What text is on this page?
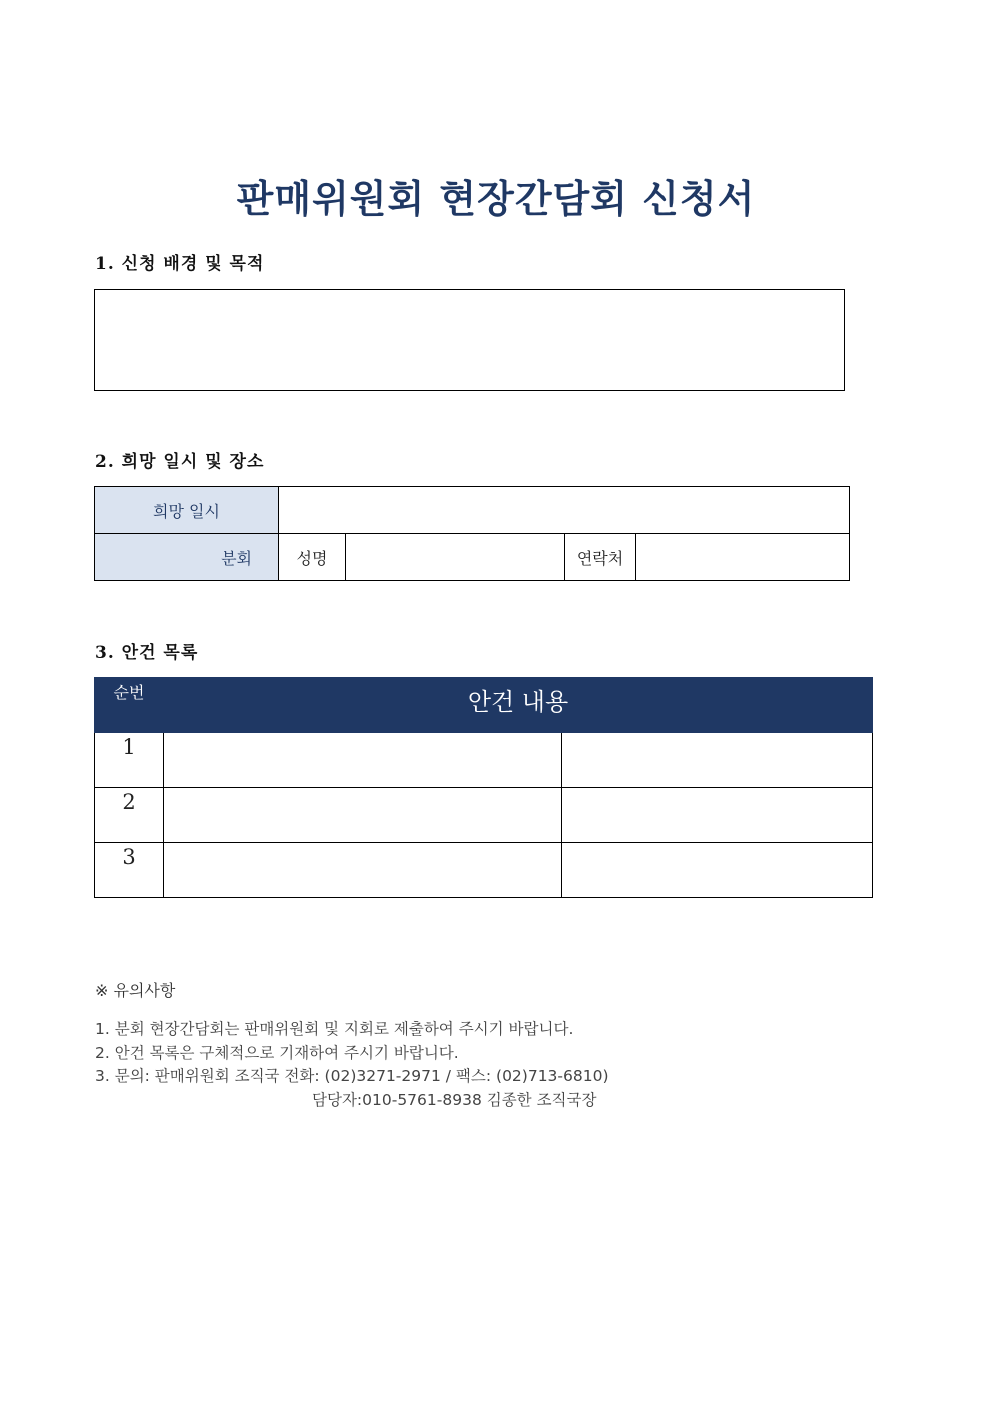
판매위원회 현장간담회 신청서
1. 신청 배경 및 목적
2. 희망 일시 및 장소
희망 일시				
분회	성명		연락처	
3. 안건 목록
순번	안건 내용	
1		
2		
3		
※ 유의사항
1. 분회 현장간담회는 판매위원회 및 지회로 제출하여 주시기 바랍니다.
2. 안건 목록은 구체적으로 기재하여 주시기 바랍니다.
3. 문의: 판매위원회 조직국 전화: (02)3271-2971 / 팩스: (02)713-6810)
담당자:010-5761-8938 김종한 조직국장
